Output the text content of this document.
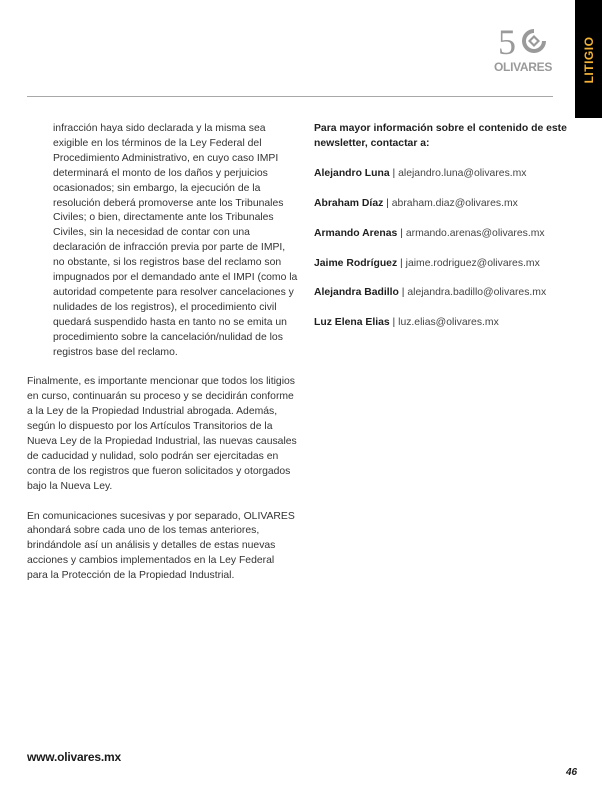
5
OLIVARES LITIGIO

infracción haya sido declarada y la misma sea exigible en los términos de la Ley Federal del Procedimiento Administrativo, en cuyo caso IMPI determinará el monto de los daños y perjuicios ocasionados; sin embargo, la ejecución de la resolución deberá promoverse ante los Tribunales Civiles; o bien, directamente ante los Tribunales Civiles, sin la necesidad de contar con una declaración de infracción previa por parte de IMPI, no obstante, si los registros base del reclamo son impugnados por el demandado ante el IMPI (como la autoridad competente para resolver cancelaciones y nulidades de los registros), el procedimiento civil quedará suspendido hasta en tanto no se emita un procedimiento sobre la cancelación/nulidad de los registros base del reclamo.

Finalmente, es importante mencionar que todos los litigios en curso, continuarán su proceso y se decidirán conforme a la Ley de la Propiedad Industrial abrogada. Además, según lo dispuesto por los Artículos Transitorios de la Nueva Ley de la Propiedad Industrial, las nuevas causales de caducidad y nulidad, solo podrán ser ejercitadas en contra de los registros que fueron solicitados y otorgados bajo la Nueva Ley.

En comunicaciones sucesivas y por separado, OLIVARES ahondará sobre cada uno de los temas anteriores, brindándole así un análisis y detalles de estas nuevas acciones y cambios implementados en la Ley Federal para la Protección de la Propiedad Industrial.

Para mayor información sobre el contenido de este newsletter, contactar a:

Alejandro Luna | alejandro.luna@olivares.mx
Abraham Díaz | abraham.diaz@olivares.mx
Armando Arenas | armando.arenas@olivares.mx
Jaime Rodríguez | jaime.rodriguez@olivares.mx
Alejandra Badillo | alejandra.badillo@olivares.mx
Luz Elena Elias | luz.elias@olivares.mx
www.olivares.mx
46
